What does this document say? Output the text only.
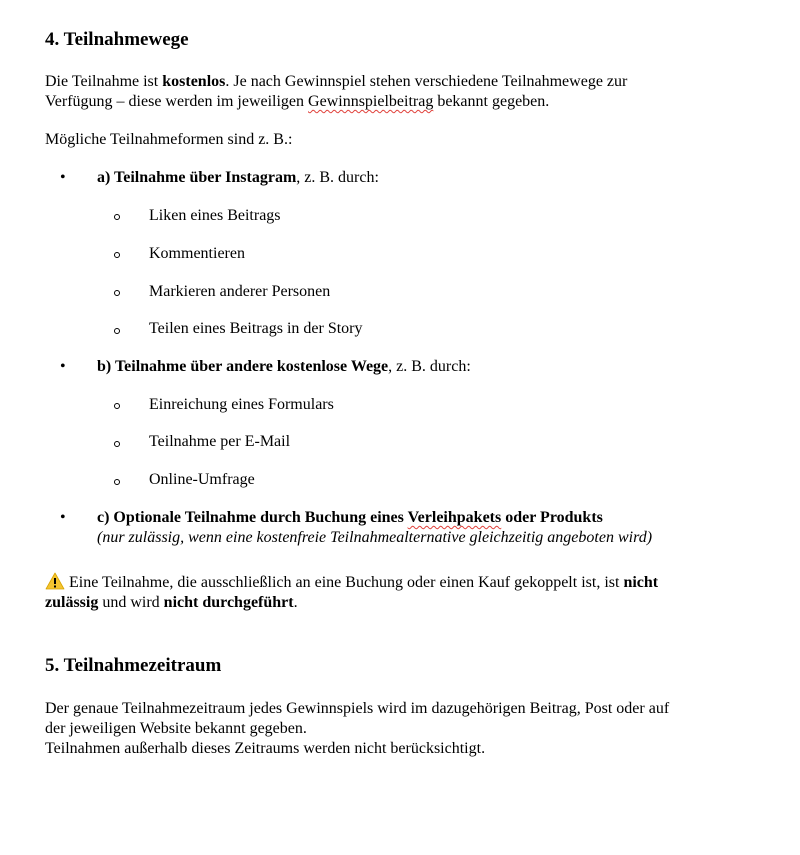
4. Teilnahmewege

Die Teilnahme ist kostenlos. Je nach Gewinnspiel stehen verschiedene Teilnahmewege zur
Verfügung – diese werden im jeweiligen Gewinnspielbeitrag bekannt gegeben.

Mögliche Teilnahmeformen sind z. B.:

• a) Teilnahme über Instagram, z. B. durch:
Liken eines Beitrags
Kommentieren
Markieren anderer Personen
Teilen eines Beitrags in der Story
• b) Teilnahme über andere kostenlose Wege, z. B. durch:
Einreichung eines Formulars
Teilnahme per E-Mail
Online-Umfrage
• c) Optionale Teilnahme durch Buchung eines Verleihpakets oder Produkts
(nur zulässig, wenn eine kostenfreie Teilnahmealternative gleichzeitig angeboten wird)

Eine Teilnahme, die ausschließlich an eine Buchung oder einen Kauf gekoppelt ist, ist nicht
zulässig und wird nicht durchgeführt.

5. Teilnahmezeitraum

Der genaue Teilnahmezeitraum jedes Gewinnspiels wird im dazugehörigen Beitrag, Post oder auf
der jeweiligen Website bekannt gegeben.
Teilnahmen außerhalb dieses Zeitraums werden nicht berücksichtigt.
